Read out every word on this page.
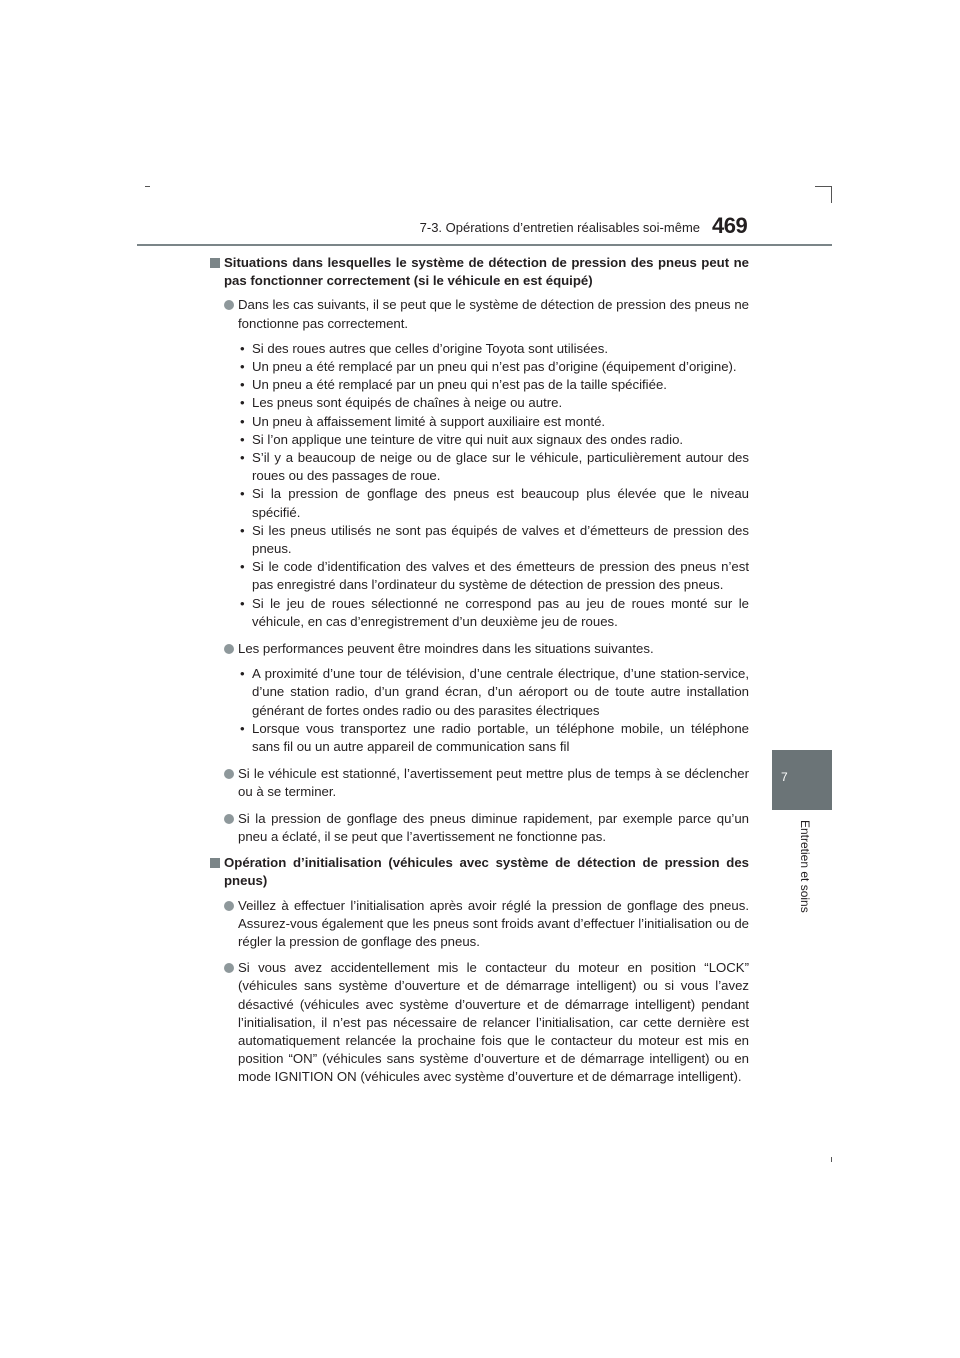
7-3. Opérations d’entretien réalisables soi-même 469
7
Entretien et soins
Situations dans lesquelles le système de détection de pression des pneus peut ne pas fonctionner correctement (si le véhicule en est équipé)
Dans les cas suivants, il se peut que le système de détection de pression des pneus ne fonctionne pas correctement.
• Si des roues autres que celles d’origine Toyota sont utilisées.
• Un pneu a été remplacé par un pneu qui n’est pas d’origine (équipement d’origine).
• Un pneu a été remplacé par un pneu qui n’est pas de la taille spécifiée.
• Les pneus sont équipés de chaînes à neige ou autre.
• Un pneu à affaissement limité à support auxiliaire est monté.
• Si l’on applique une teinture de vitre qui nuit aux signaux des ondes radio.
• S’il y a beaucoup de neige ou de glace sur le véhicule, particulièrement autour des roues ou des passages de roue.
• Si la pression de gonflage des pneus est beaucoup plus élevée que le niveau spécifié.
• Si les pneus utilisés ne sont pas équipés de valves et d’émetteurs de pression des pneus.
• Si le code d’identification des valves et des émetteurs de pression des pneus n’est pas enregistré dans l’ordinateur du système de détection de pression des pneus.
• Si le jeu de roues sélectionné ne correspond pas au jeu de roues monté sur le véhicule, en cas d’enregistrement d’un deuxième jeu de roues.
Les performances peuvent être moindres dans les situations suivantes.
• A proximité d’une tour de télévision, d’une centrale électrique, d’une station-service, d’une station radio, d’un grand écran, d’un aéroport ou de toute autre installation générant de fortes ondes radio ou des parasites électriques
• Lorsque vous transportez une radio portable, un téléphone mobile, un téléphone sans fil ou un autre appareil de communication sans fil
Si le véhicule est stationné, l’avertissement peut mettre plus de temps à se déclencher ou à se terminer.
Si la pression de gonflage des pneus diminue rapidement, par exemple parce qu’un pneu a éclaté, il se peut que l’avertissement ne fonctionne pas.
Opération d’initialisation (véhicules avec système de détection de pression des pneus)
Veillez à effectuer l’initialisation après avoir réglé la pression de gonflage des pneus. Assurez-vous également que les pneus sont froids avant d’effectuer l’initialisation ou de régler la pression de gonflage des pneus.
Si vous avez accidentellement mis le contacteur du moteur en position “LOCK” (véhicules sans système d’ouverture et de démarrage intelligent) ou si vous l’avez désactivé (véhicules avec système d’ouverture et de démarrage intelligent) pendant l’initialisation, il n’est pas nécessaire de relancer l’initialisation, car cette dernière est automatiquement relancée la prochaine fois que le contacteur du moteur est mis en position “ON” (véhicules sans système d’ouverture et de démarrage intelligent) ou en mode IGNITION ON (véhicules avec système d’ouverture et de démarrage intelligent).
